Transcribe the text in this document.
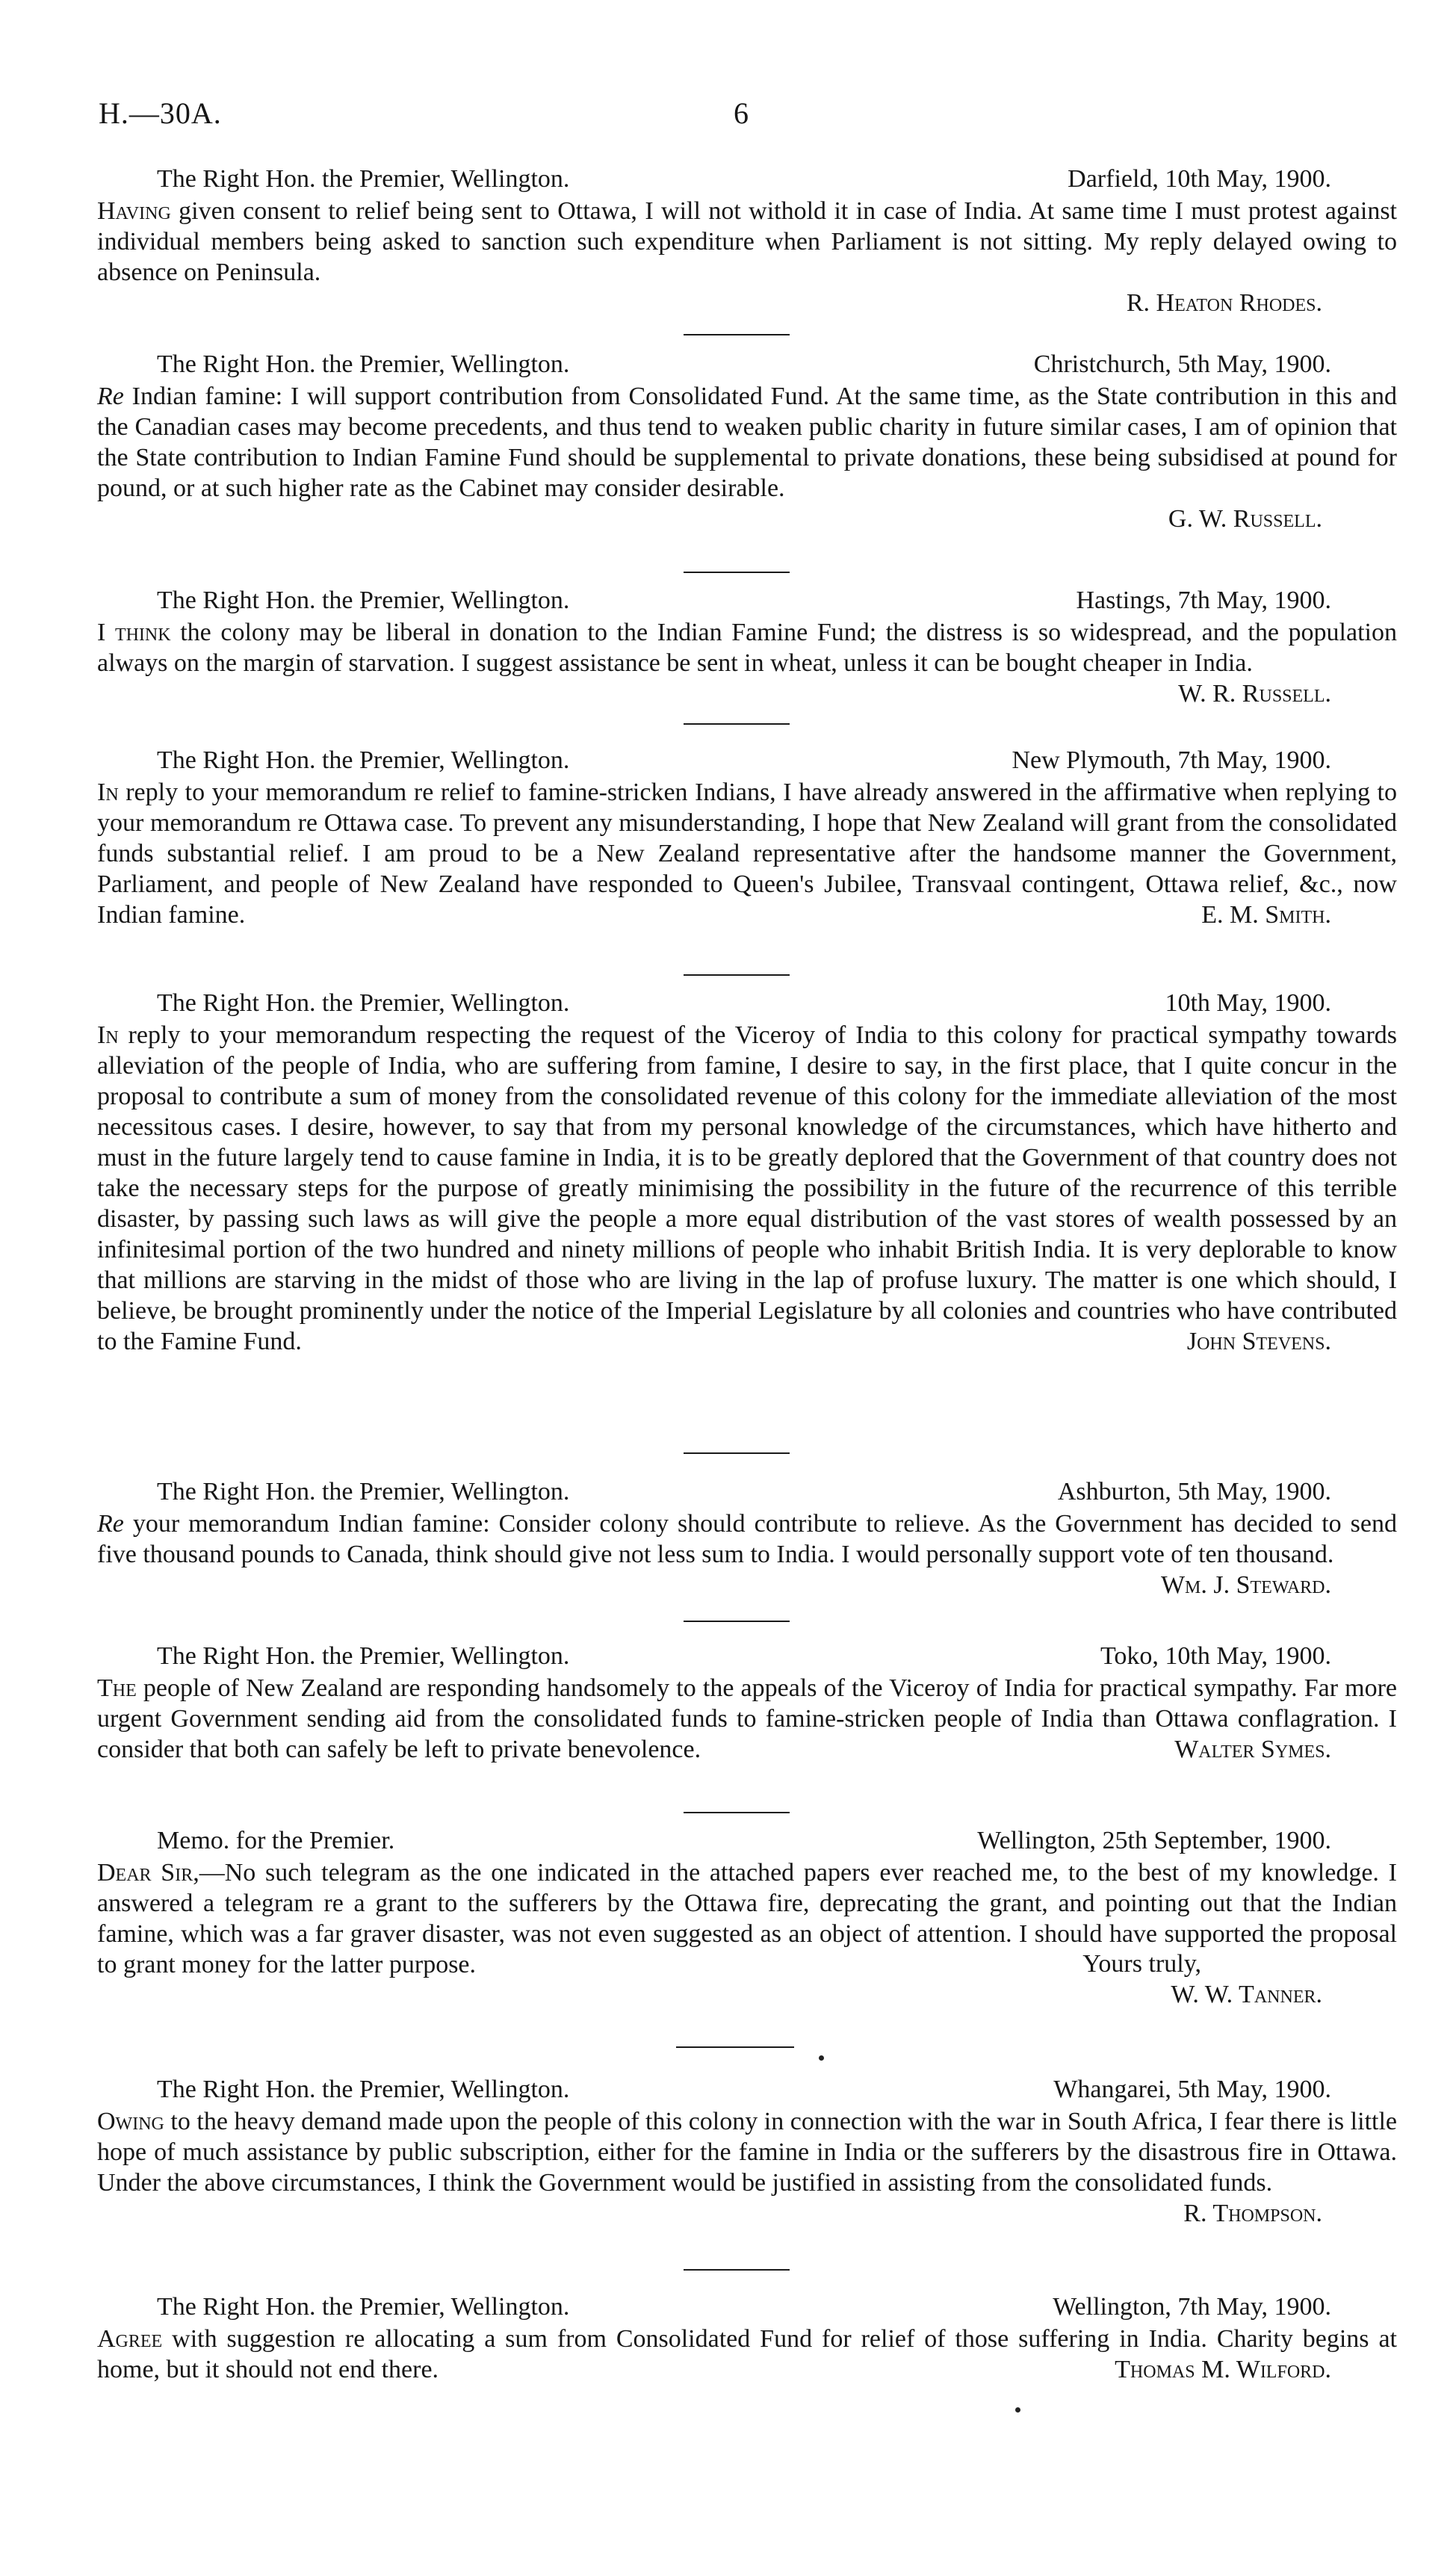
H.—30A.	6
The Right Hon. the Premier, Wellington.	Darfield, 10th May, 1900.

Having given consent to relief being sent to Ottawa, I will not withold it in case of India. At same time I must protest against individual members being asked to sanction such expenditure when Parliament is not sitting. My reply delayed owing to absence on Peninsula.

R. Heaton Rhodes.
The Right Hon. the Premier, Wellington.	Christchurch, 5th May, 1900.

Re Indian famine: I will support contribution from Consolidated Fund. At the same time, as the State contribution in this and the Canadian cases may become precedents, and thus tend to weaken public charity in future similar cases, I am of opinion that the State contribution to Indian Famine Fund should be supplemental to private donations, these being subsidised at pound for pound, or at such higher rate as the Cabinet may consider desirable.

G. W. Russell.
The Right Hon. the Premier, Wellington.	Hastings, 7th May, 1900.

I think the colony may be liberal in donation to the Indian Famine Fund; the distress is so widespread, and the population always on the margin of starvation. I suggest assistance be sent in wheat, unless it can be bought cheaper in India.
W. R. Russell.

The Right Hon. the Premier, Wellington.	New Plymouth, 7th May, 1900.

In reply to your memorandum re relief to famine-stricken Indians, I have already answered in the affirmative when replying to your memorandum re Ottawa case. To prevent any misunderstanding, I hope that New Zealand will grant from the consolidated funds substantial relief. I am proud to be a New Zealand representative after the handsome manner the Government, Parliament, and people of New Zealand have responded to Queen's Jubilee, Transvaal contingent, Ottawa relief, &c., now Indian famine.	E. M. Smith.

The Right Hon. the Premier, Wellington.	10th May, 1900.

In reply to your memorandum respecting the request of the Viceroy of India to this colony for practical sympathy towards alleviation of the people of India, who are suffering from famine, I desire to say, in the first place, that I quite concur in the proposal to contribute a sum of money from the consolidated revenue of this colony for the immediate alleviation of the most necessitous cases. I desire, however, to say that from my personal knowledge of the circumstances, which have hitherto and must in the future largely tend to cause famine in India, it is to be greatly deplored that the Government of that country does not take the necessary steps for the purpose of greatly minimising the possibility in the future of the recurrence of this terrible disaster, by passing such laws as will give the people a more equal distribution of the vast stores of wealth possessed by an infinitesimal portion of the two hundred and ninety millions of people who inhabit British India. It is very deplorable to know that millions are starving in the midst of those who are living in the lap of profuse luxury. The matter is one which should, I believe, be brought prominently under the notice of the Imperial Legislature by all colonies and countries who have contributed to the Famine Fund.	John Stevens.

The Right Hon. the Premier, Wellington.	Ashburton, 5th May, 1900.

Re your memorandum Indian famine: Consider colony should contribute to relieve. As the Government has decided to send five thousand pounds to Canada, think should give not less sum to India. I would personally support vote of ten thousand.
Wm. J. Steward.

The Right Hon. the Premier, Wellington.	Toko, 10th May, 1900.

The people of New Zealand are responding handsomely to the appeals of the Viceroy of India for practical sympathy. Far more urgent Government sending aid from the consolidated funds to famine-stricken people of India than Ottawa conflagration. I consider that both can safely be left to private benevolence.	Walter Symes.

Memo. for the Premier.	Wellington, 25th September, 1900.

Dear Sir,—No such telegram as the one indicated in the attached papers ever reached me, to the best of my knowledge. I answered a telegram re a grant to the sufferers by the Ottawa fire, deprecating the grant, and pointing out that the Indian famine, which was a far graver disaster, was not even suggested as an object of attention. I should have supported the proposal to grant money for the latter purpose.	Yours truly,
W. W. Tanner.
The Right Hon. the Premier, Wellington.	Whangarei, 5th May, 1900.

Owing to the heavy demand made upon the people of this colony in connection with the war in South Africa, I fear there is little hope of much assistance by public subscription, either for the famine in India or the sufferers by the disastrous fire in Ottawa. Under the above circumstances, I think the Government would be justified in assisting from the consolidated funds.

R. Thompson.
The Right Hon. the Premier, Wellington.	Wellington, 7th May, 1900.

Agree with suggestion re allocating a sum from Consolidated Fund for relief of those suffering in India. Charity begins at home, but it should not end there.	Thomas M. Wilford.
